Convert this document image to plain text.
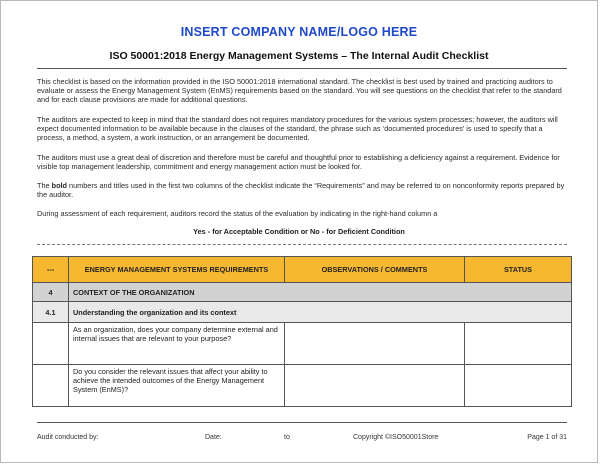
INSERT COMPANY NAME/LOGO HERE
ISO 50001:2018 Energy Management Systems – The Internal Audit Checklist

This checklist is based on the information provided in the ISO 50001:2018 international standard. The checklist is best used by trained and practicing auditors to evaluate or assess the Energy Management System (EnMS) requirements based on the standard. You will see questions on the checklist that refer to the standard and for each clause provisions are made for additional questions.

The auditors are expected to keep in mind that the standard does not requires mandatory procedures for the various system processes; however, the auditors will expect documented information to be available because in the clauses of the standard, the phrase such as ‘documented procedures’ is used to specify that a process, a method, a system, a work instruction, or an arrangement be documented.

The auditors must use a great deal of discretion and therefore must be careful and thoughtful prior to establishing a deficiency against a requirement. Evidence for visible top management leadership, commitment and energy management action must be looked for.

The bold numbers and titles used in the first two columns of the checklist indicate the “Requirements” and may be referred to on nonconformity reports prepared by the auditor.

During assessment of each requirement, auditors record the status of the evaluation by indicating in the right-hand column a

Yes - for Acceptable Condition or No - for Deficient Condition
---	ENERGY MANAGEMENT SYSTEMS REQUIREMENTS	OBSERVATIONS / COMMENTS	STATUS
4	CONTEXT OF THE ORGANIZATION		
4.1	Understanding the organization and its context		
	As an organization, does your company determine external and internal issues that are relevant to your purpose?		
	Do you consider the relevant issues that affect your ability to achieve the intended outcomes of the Energy Management System (EnMS)?		
Audit conducted by:	Date:	to	Copyright ©ISO50001Store	Page 1 of 31
